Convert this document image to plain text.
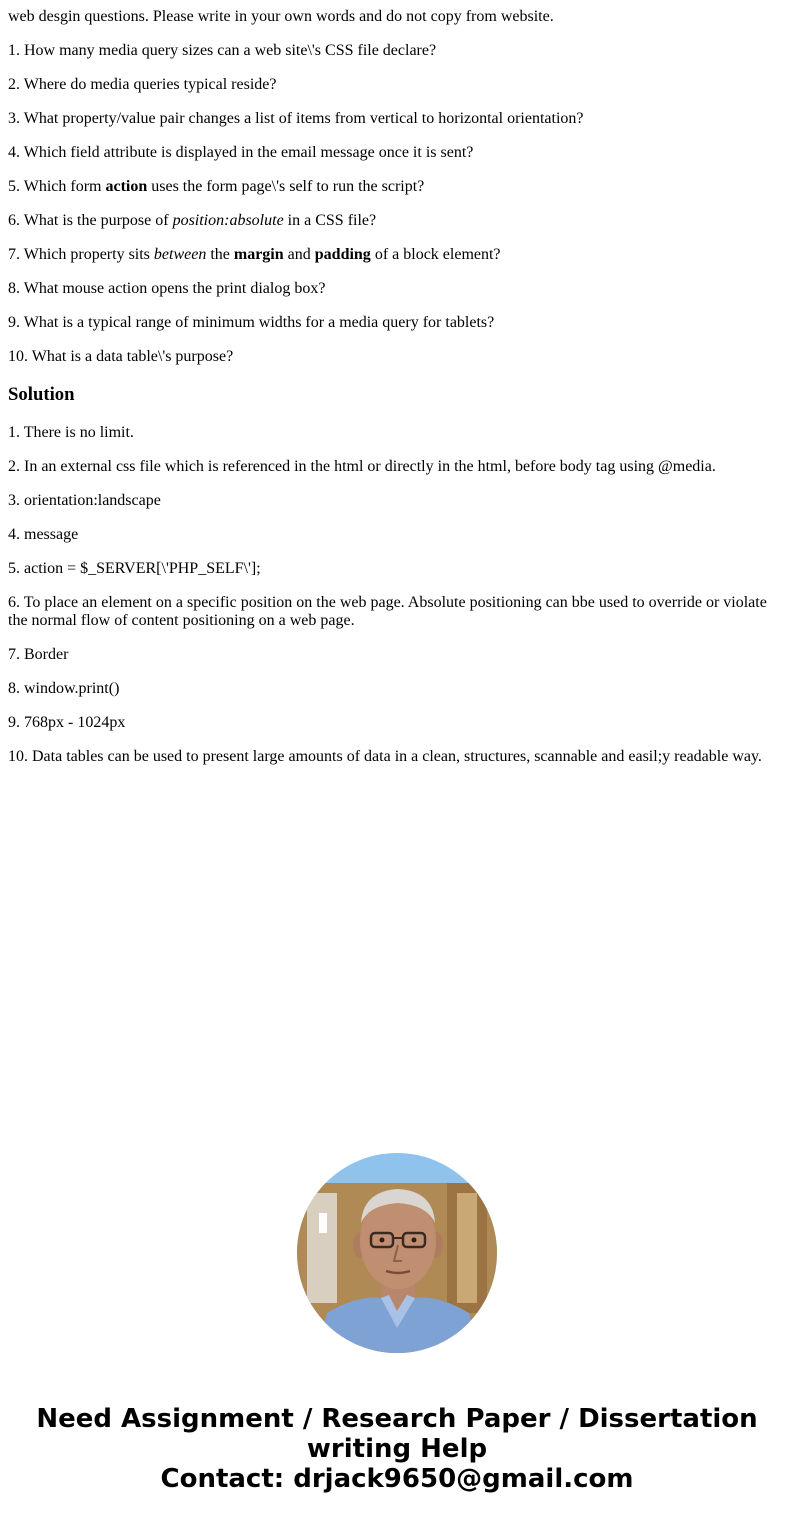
web desgin questions. Please write in your own words and do not copy from website.

1. How many media query sizes can a web site\'s CSS file declare?

2. Where do media queries typical reside?

3. What property/value pair changes a list of items from vertical to horizontal orientation?

4. Which field attribute is displayed in the email message once it is sent?

5. Which form action uses the form page\'s self to run the script?

6. What is the purpose of position:absolute in a CSS file?

7. Which property sits between the margin and padding of a block element?

8. What mouse action opens the print dialog box?

9. What is a typical range of minimum widths for a media query for tablets?

10. What is a data table\'s purpose?

Solution

1. There is no limit.

2. In an external css file which is referenced in the html or directly in the html, before body tag using @media.

3. orientation:landscape

4. message

5. action = $_SERVER[\'PHP_SELF\'];

6. To place an element on a specific position on the web page. Absolute positioning can bbe used to override or violate the normal flow of content positioning on a web page.

7. Border

8. window.print()

9. 768px - 1024px

10. Data tables can be used to present large amounts of data in a clean, structures, scannable and easil;y readable way.

Need Assignment / Research Paper / Dissertation writing Help
Contact: drjack9650@gmail.com
